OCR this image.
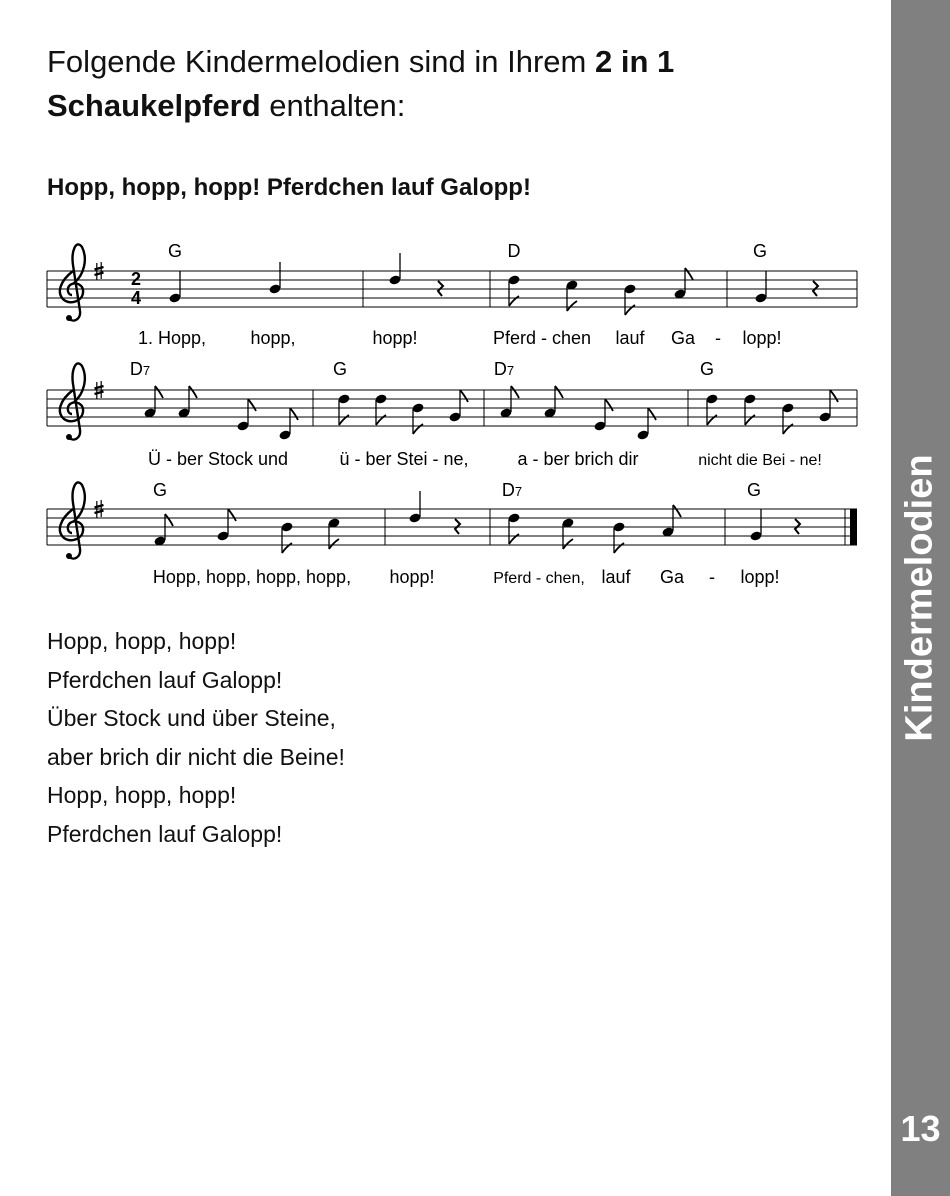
Folgende Kindermelodien sind in Ihrem 2 in 1
Schaukelpferd enthalten:
Hopp, hopp, hopp! Pferdchen lauf Galopp!
2
4
G	D	G
1. Hopp, hopp,	hopp!	Pferd - chen lauf Ga - lopp!
D7	G	D7	G
Ü - ber Stock und	ü - ber Stei - ne,	a - ber brich dir	nicht die Bei - ne!
G	D7	G
Hopp, hopp, hopp, hopp, hopp!	Pferd - chen, lauf Ga - lopp!
Hopp, hopp, hopp!
Pferdchen lauf Galopp!
Über Stock und über Steine,
aber brich dir nicht die Beine!
Hopp, hopp, hopp!
Pferdchen lauf Galopp!
Kindermelodien
13
